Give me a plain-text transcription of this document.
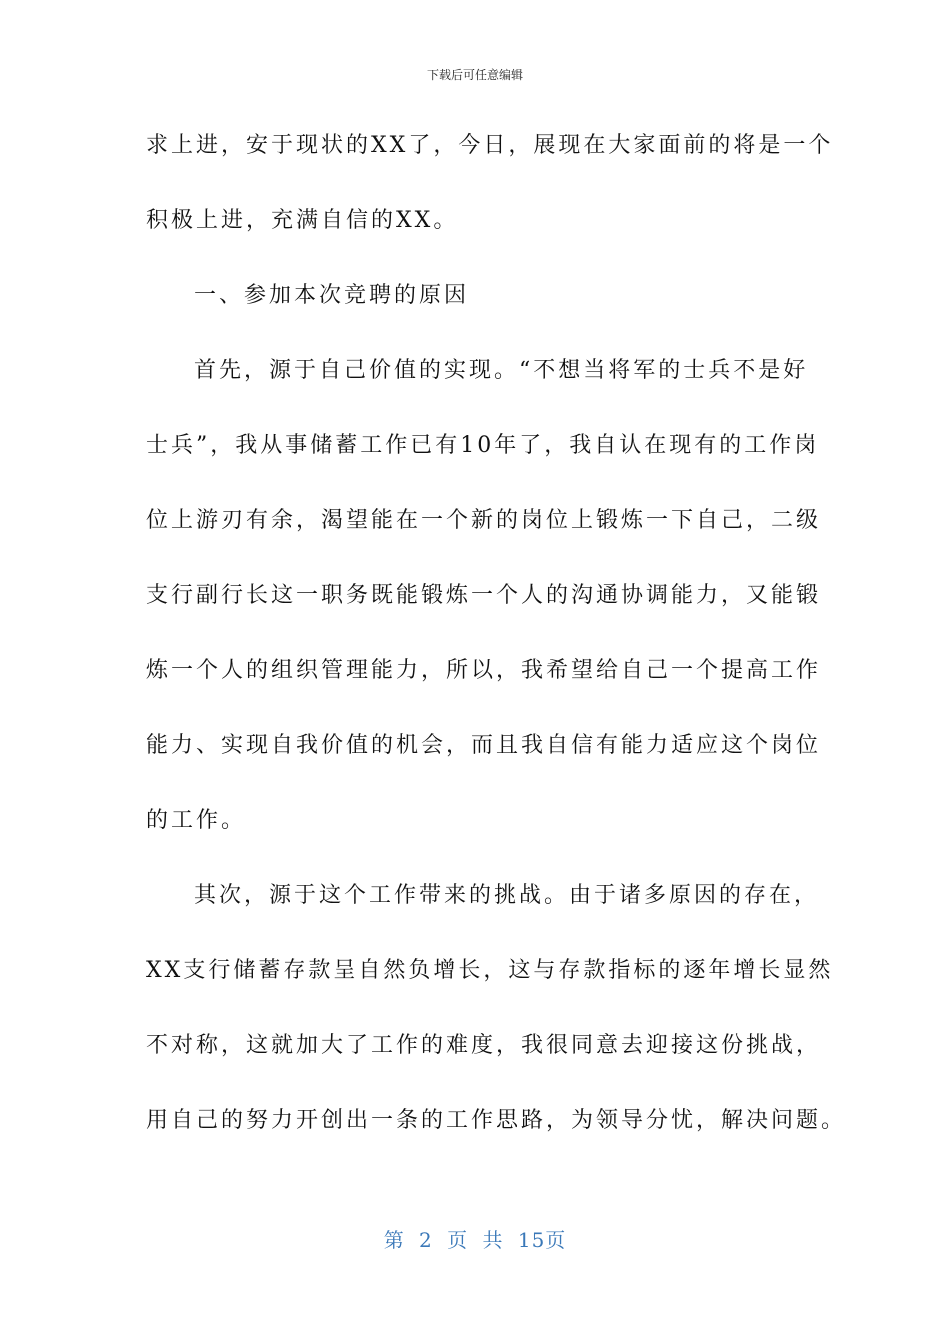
下载后可任意编辑
求上进，安于现状的XX了，今日，展现在大家面前的将是一个
积极上进，充满自信的XX。
一、参加本次竞聘的原因
首先，源于自己价值的实现。“不想当将军的士兵不是好
士兵”，我从事储蓄工作已有10年了，我自认在现有的工作岗
位上游刃有余，渴望能在一个新的岗位上锻炼一下自己，二级
支行副行长这一职务既能锻炼一个人的沟通协调能力，又能锻
炼一个人的组织管理能力，所以，我希望给自己一个提高工作
能力、实现自我价值的机会，而且我自信有能力适应这个岗位
的工作。
其次，源于这个工作带来的挑战。由于诸多原因的存在，
XX支行储蓄存款呈自然负增长，这与存款指标的逐年增长显然
不对称，这就加大了工作的难度，我很同意去迎接这份挑战，
用自己的努力开创出一条的工作思路，为领导分忧，解决问题。
第 2 页 共 15页
